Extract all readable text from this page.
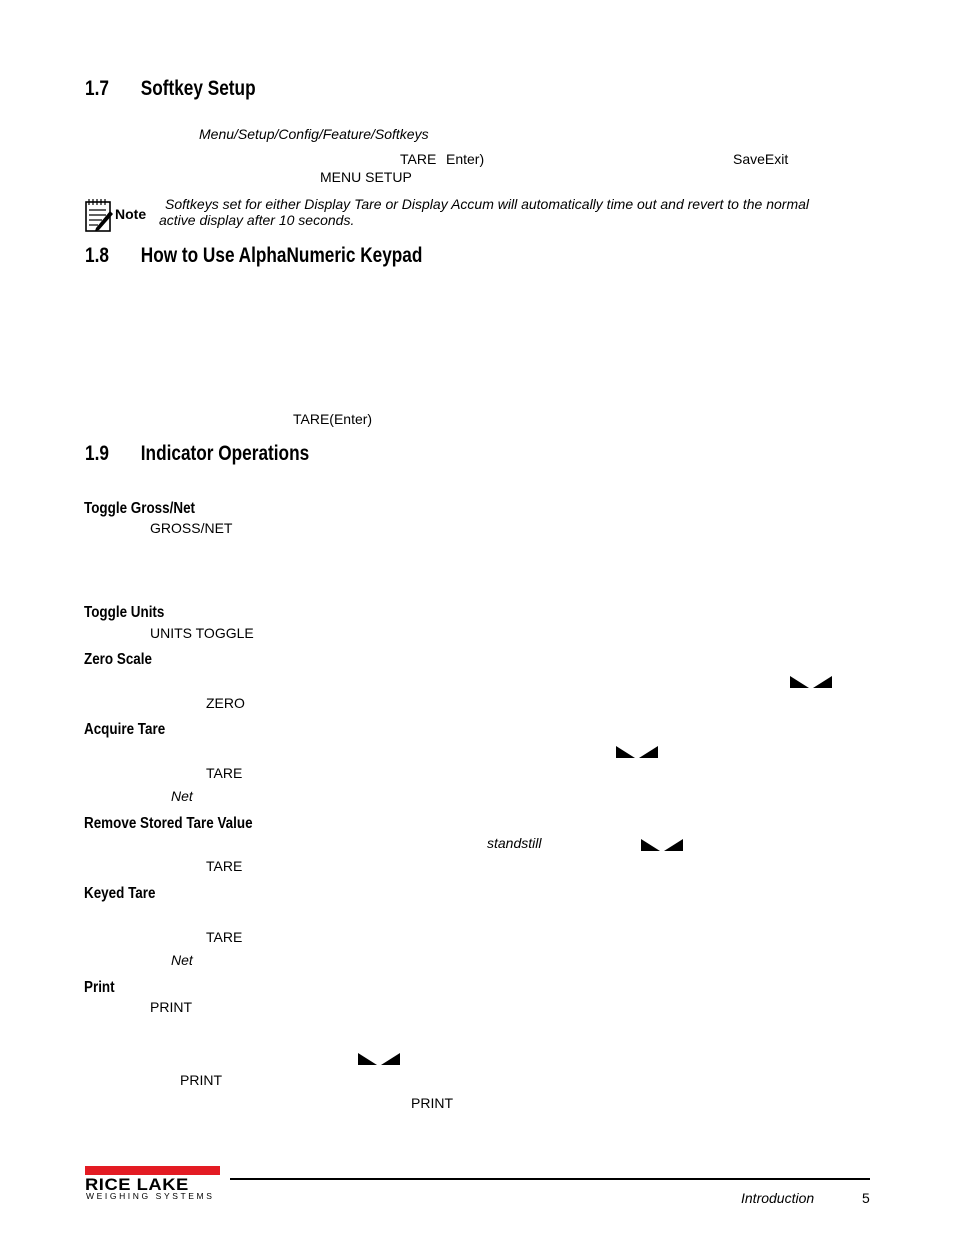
1.7 Softkey Setup
Menu/Setup/Config/Feature/Softkeys
TARE Enter)	SaveExit
MENU SETUP
Note
Softkeys set for either Display Tare or Display Accum will automatically time out and revert to the normal
active display after 10 seconds.
1.8 How to Use AlphaNumeric Keypad
TARE(Enter)
1.9 Indicator Operations
Toggle Gross/Net
GROSS/NET
Toggle Units
UNITS TOGGLE
Zero Scale
ZERO
Acquire Tare
TARE
Net
Remove Stored Tare Value
standstill
TARE
Keyed Tare
TARE
Net
Print
PRINT
PRINT
PRINT
RICE LAKE
WEIGHING SYSTEMS	Introduction	5
